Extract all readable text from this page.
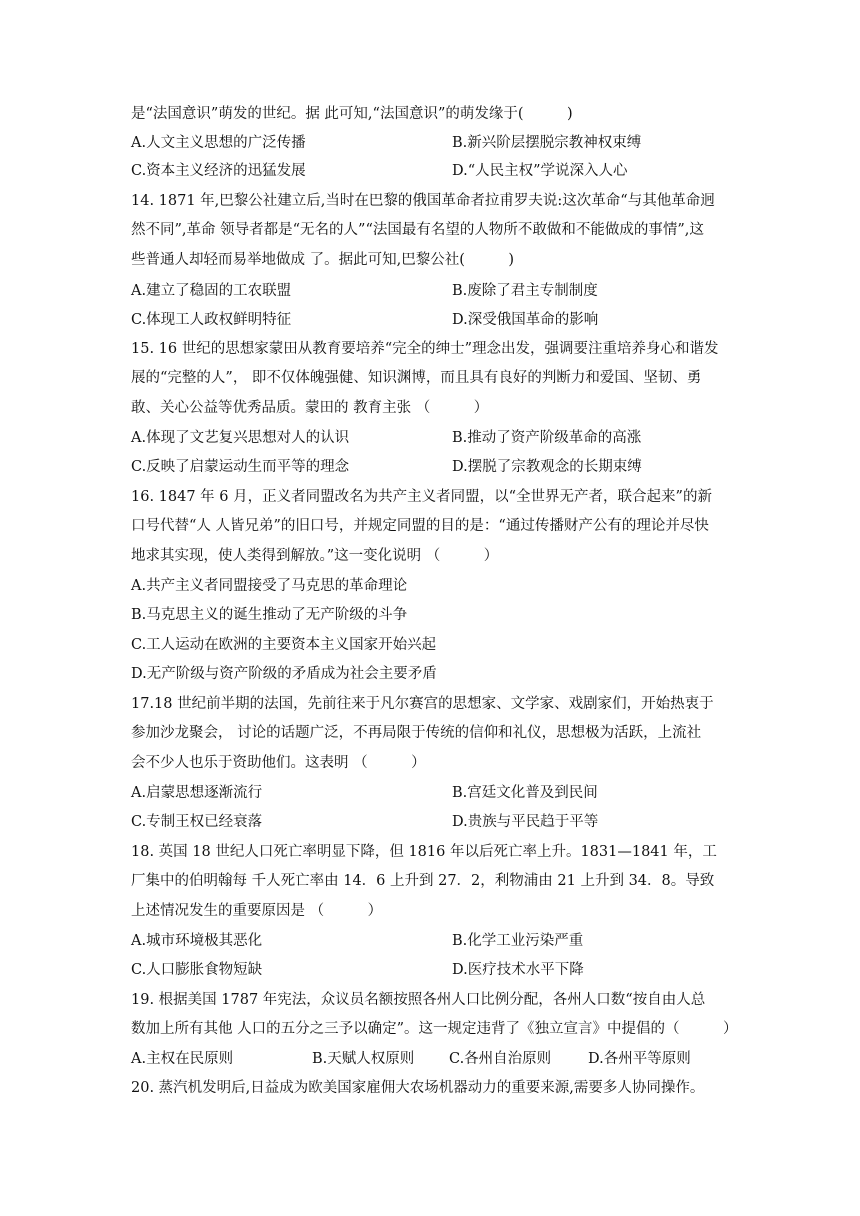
是“法国意识”萌发的世纪。据 此可知,“法国意识”的萌发缘于(　　　)
A.人文主义思想的广泛传播	B.新兴阶层摆脱宗教神权束缚
C.资本主义经济的迅猛发展	D.“人民主权”学说深入人心
14. 1871 年,巴黎公社建立后,当时在巴黎的俄国革命者拉甫罗夫说:这次革命“与其他革命迥
然不同”,革命 领导者都是“无名的人”“法国最有名望的人物所不敢做和不能做成的事情”,这
些普通人却轻而易举地做成 了。据此可知,巴黎公社(　　　)
A.建立了稳固的工农联盟	B.废除了君主专制制度
C.体现工人政权鲜明特征	D.深受俄国革命的影响
15. 16 世纪的思想家蒙田从教育要培养“完全的绅士”理念出发，强调要注重培养身心和谐发
展的“完整的人”， 即不仅体魄强健、知识渊博，而且具有良好的判断力和爱国、坚韧、勇
敢、关心公益等优秀品质。蒙田的 教育主张 （　　　）
A.体现了文艺复兴思想对人的认识	B.推动了资产阶级革命的高涨
C.反映了启蒙运动生而平等的理念	D.摆脱了宗教观念的长期束缚
16. 1847 年 6 月，正义者同盟改名为共产主义者同盟，以“全世界无产者，联合起来”的新
口号代替“人 人皆兄弟”的旧口号，并规定同盟的目的是：“通过传播财产公有的理论并尽快
地求其实现，使人类得到解放。”这一变化说明 （　　　）
A.共产主义者同盟接受了马克思的革命理论
B.马克思主义的诞生推动了无产阶级的斗争
C.工人运动在欧洲的主要资本主义国家开始兴起
D.无产阶级与资产阶级的矛盾成为社会主要矛盾
17.18 世纪前半期的法国，先前往来于凡尔赛宫的思想家、文学家、戏剧家们，开始热衷于
参加沙龙聚会， 讨论的话题广泛，不再局限于传统的信仰和礼仪，思想极为活跃，上流社
会不少人也乐于资助他们。这表明 （　　　）
A.启蒙思想逐渐流行	B.宫廷文化普及到民间
C.专制王权已经衰落	D.贵族与平民趋于平等
18. 英国 18 世纪人口死亡率明显下降，但 1816 年以后死亡率上升。1831—1841 年，工
厂集中的伯明翰每 千人死亡率由 14．6 上升到 27．2，利物浦由 21 上升到 34．8。导致
上述情况发生的重要原因是 （　　　）
A.城市环境极其恶化	B.化学工业污染严重
C.人口膨胀食物短缺	D.医疗技术水平下降
19. 根据美国 1787 年宪法，众议员名额按照各州人口比例分配，各州人口数“按自由人总
数加上所有其他 人口的五分之三予以确定”。这一规定违背了《独立宣言》中提倡的（　　　）
A.主权在民原则	B.天赋人权原则 C.各州自治原则	D.各州平等原则
20. 蒸汽机发明后,日益成为欧美国家雇佣大农场机器动力的重要来源,需要多人协同操作。
